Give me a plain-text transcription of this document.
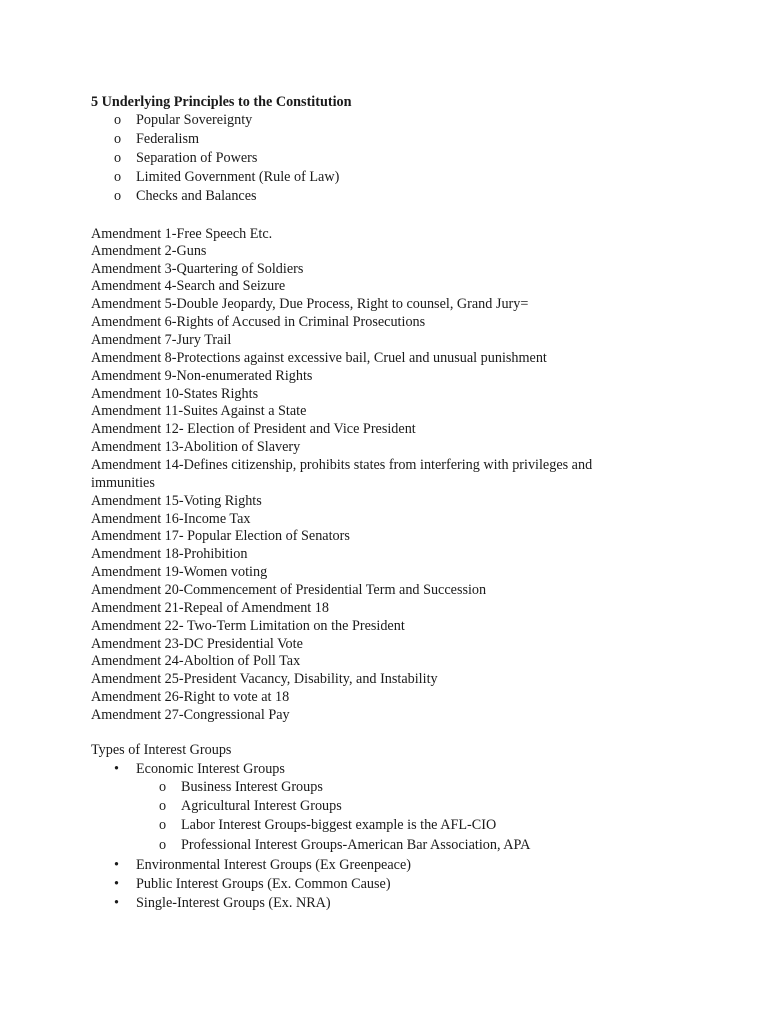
5 Underlying Principles to the Constitution
o	Popular Sovereignty
o	Federalism
o	Separation of Powers
o	Limited Government (Rule of Law)
o	Checks and Balances
Amendment 1-Free Speech Etc.
Amendment 2-Guns
Amendment 3-Quartering of Soldiers
Amendment 4-Search and Seizure
Amendment 5-Double Jeopardy, Due Process, Right to counsel, Grand Jury=
Amendment 6-Rights of Accused in Criminal Prosecutions
Amendment 7-Jury Trail
Amendment 8-Protections against excessive bail, Cruel and unusual punishment
Amendment 9-Non-enumerated Rights
Amendment 10-States Rights
Amendment 11-Suites Against a State
Amendment 12- Election of President and Vice President
Amendment 13-Abolition of Slavery
Amendment 14-Defines citizenship, prohibits states from interfering with privileges and immunities
Amendment 15-Voting Rights
Amendment 16-Income Tax
Amendment 17- Popular Election of Senators
Amendment 18-Prohibition
Amendment 19-Women voting
Amendment 20-Commencement of Presidential Term and Succession
Amendment 21-Repeal of Amendment 18
Amendment 22- Two-Term Limitation on the President
Amendment 23-DC Presidential Vote
Amendment 24-Aboltion of Poll Tax
Amendment 25-President Vacancy, Disability, and Instability
Amendment 26-Right to vote at 18
Amendment 27-Congressional Pay
Types of Interest Groups
•	Economic Interest Groups
o	Business Interest Groups
o	Agricultural Interest Groups
o	Labor Interest Groups-biggest example is the AFL-CIO
o	Professional Interest Groups-American Bar Association, APA
•	Environmental Interest Groups (Ex Greenpeace)
•	Public Interest Groups (Ex. Common Cause)
•	Single-Interest Groups (Ex. NRA)
